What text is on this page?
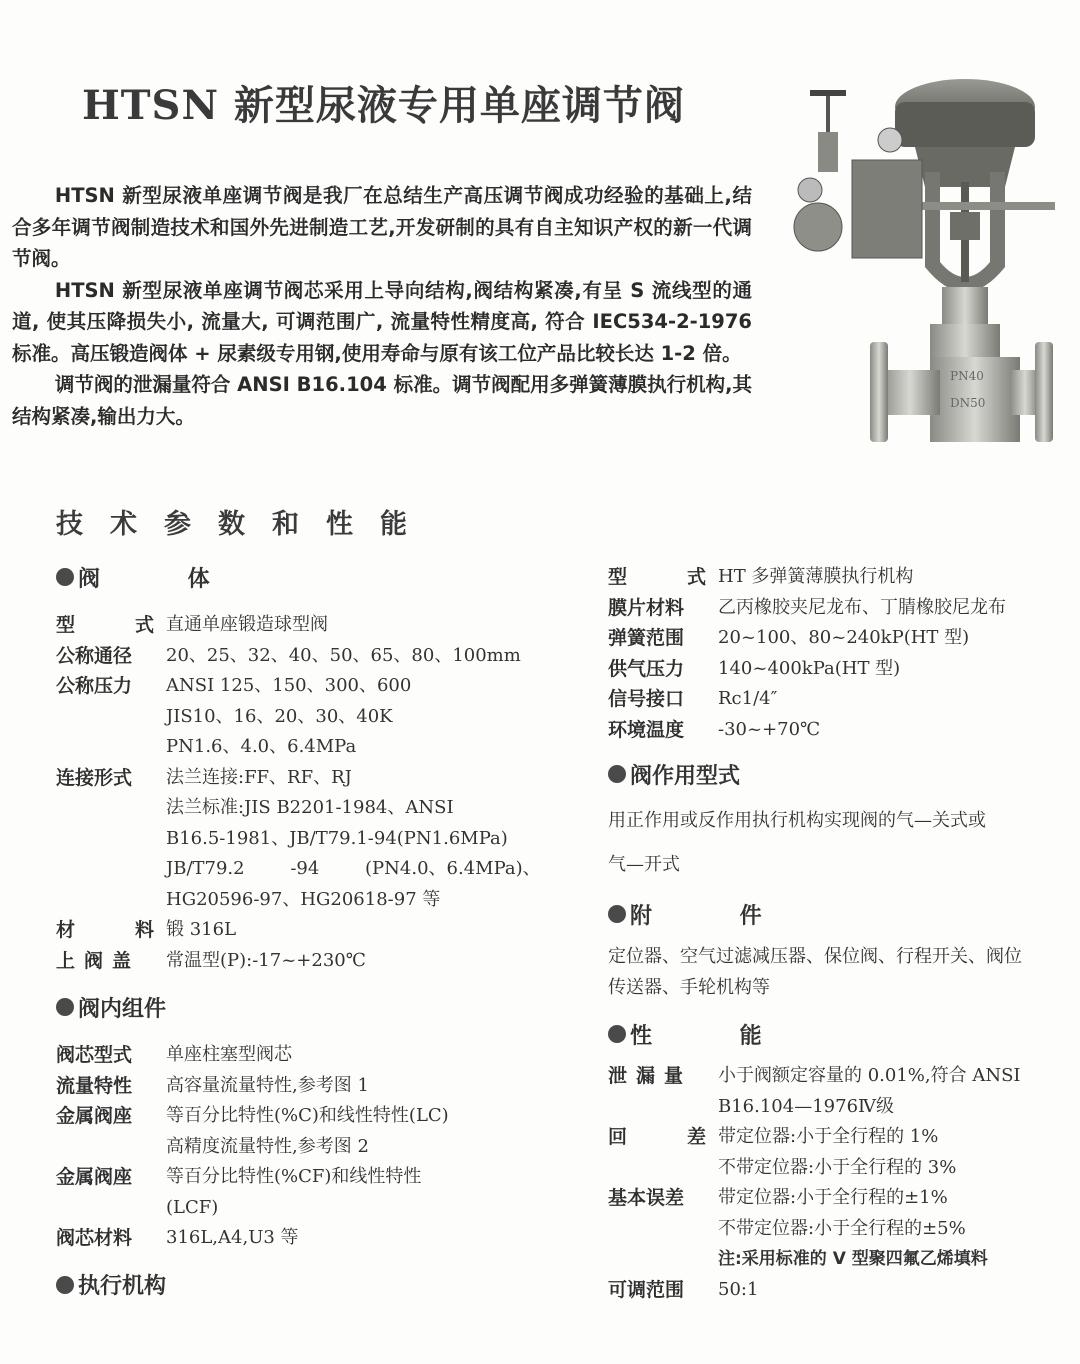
HTSN 新型尿液专用单座调节阀

HTSN 新型尿液单座调节阀是我厂在总结生产高压调节阀成功经验的基础上,结合多年调节阀制造技术和国外先进制造工艺,开发研制的具有自主知识产权的新一代调节阀。

HTSN 新型尿液单座调节阀芯采用上导向结构,阀结构紧凑,有呈 S 流线型的通道, 使其压降损失小, 流量大, 可调范围广, 流量特性精度高, 符合 IEC534-2-1976 标准。高压锻造阀体 + 尿素级专用钢,使用寿命与原有该工位产品比较长达 1-2 倍。

调节阀的泄漏量符合 ANSI B16.104 标准。调节阀配用多弹簧薄膜执行机构,其结构紧凑,输出力大。

PN40
DN50
技术参数和性能
阀 体
型	式 直通单座锻造球型阀
公称通径	20、25、32、40、50、65、80、100mm
公称压力	ANSI 125、150、300、600
JIS10、16、20、30、40K
PN1.6、4.0、6.4MPa
连接形式	法兰连接:FF、RF、RJ
法兰标准:JIS B2201-1984、ANSI
B16.5-1981、JB/T79.1-94(PN1.6MPa)
JB/T79.2 -94 (PN4.0、6.4MPa)、
HG20596-97、HG20618-97 等
材	料 锻 316L
上阀盖	常温型(P):-17~+230℃
阀内组件
阀芯型式	单座柱塞型阀芯
流量特性	高容量流量特性,参考图 1
金属阀座	等百分比特性(%C)和线性特性(LC)
高精度流量特性,参考图 2
金属阀座	等百分比特性(%CF)和线性特性
(LCF)
阀芯材料	316L,A4,U3 等
执行机构
型	式 HT 多弹簧薄膜执行机构
膜片材料	乙丙橡胶夹尼龙布、丁腈橡胶尼龙布
弹簧范围	20~100、80~240kP(HT 型)
供气压力	140~400kPa(HT 型)
信号接口	Rc1/4″
环境温度	-30~+70℃
阀作用型式
用正作用或反作用执行机构实现阀的气—关式或
气—开式
附 件
定位器、空气过滤减压器、保位阀、行程开关、阀位
传送器、手轮机构等
性 能
泄漏量	小于阀额定容量的 0.01%,符合 ANSI
B16.104—1976Ⅳ级
回	差 带定位器:小于全行程的 1%
不带定位器:小于全行程的 3%
基本误差	带定位器:小于全行程的±1%
不带定位器:小于全行程的±5%
注:采用标准的 V 型聚四氟乙烯填料
可调范围	50:1
